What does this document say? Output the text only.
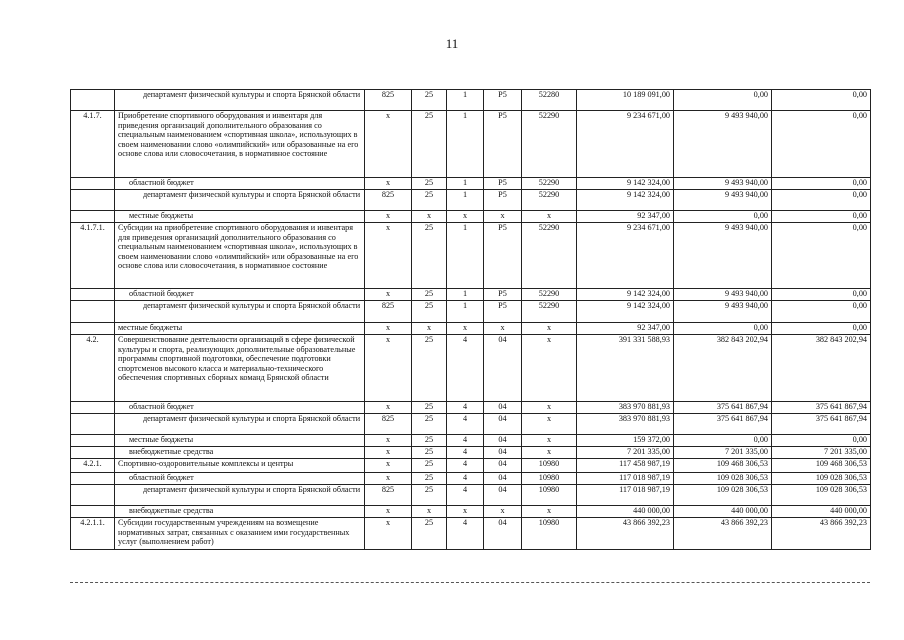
11
	департамент физической культуры и спорта Брянской области	825	25	1	P5	52280	10 189 091,00	0,00	0,00
4.1.7.	Приобретение спортивного оборудования и инвентаря для приведения организаций дополнительного образования со специальным наименованием «спортивная школа», использующих в своем наименовании слово «олимпийский» или образованные на его основе слова или словосочетания, в нормативное состояние	x	25	1	P5	52290	9 234 671,00	9 493 940,00	0,00
	областной бюджет	x	25	1	P5	52290	9 142 324,00	9 493 940,00	0,00
	департамент физической культуры и спорта Брянской области	825	25	1	P5	52290	9 142 324,00	9 493 940,00	0,00
	местные бюджеты	x	x	x	x	x	92 347,00	0,00	0,00
4.1.7.1.	Субсидии на приобретение спортивного оборудования и инвентаря для приведения организаций дополнительного образования со специальным наименованием «спортивная школа», использующих в своем наименовании слово «олимпийский» или образованные на его основе слова или словосочетания, в нормативное состояние	x	25	1	P5	52290	9 234 671,00	9 493 940,00	0,00
	областной бюджет	x	25	1	P5	52290	9 142 324,00	9 493 940,00	0,00
	департамент физической культуры и спорта Брянской области	825	25	1	P5	52290	9 142 324,00	9 493 940,00	0,00
	местные бюджеты	x	x	x	x	x	92 347,00	0,00	0,00
4.2.	Совершенствование деятельности организаций в сфере физической культуры и спорта, реализующих дополнительные образовательные программы спортивной подготовки, обеспечение подготовки спортсменов высокого класса и материально-технического обеспечения спортивных сборных команд Брянской области	x	25	4	04	x	391 331 588,93	382 843 202,94	382 843 202,94
	областной бюджет	x	25	4	04	x	383 970 881,93	375 641 867,94	375 641 867,94
	департамент физической культуры и спорта Брянской области	825	25	4	04	x	383 970 881,93	375 641 867,94	375 641 867,94
	местные бюджеты	x	25	4	04	x	159 372,00	0,00	0,00
	внебюджетные средства	x	25	4	04	x	7 201 335,00	7 201 335,00	7 201 335,00
4.2.1.	Спортивно-оздоровительные комплексы и центры	x	25	4	04	10980	117 458 987,19	109 468 306,53	109 468 306,53
	областной бюджет	x	25	4	04	10980	117 018 987,19	109 028 306,53	109 028 306,53
	департамент физической культуры и спорта Брянской области	825	25	4	04	10980	117 018 987,19	109 028 306,53	109 028 306,53
	внебюджетные средства	x	x	x	x	x	440 000,00	440 000,00	440 000,00
4.2.1.1.	Субсидии государственным учреждениям на возмещение нормативных затрат, связанных с оказанием ими государственных услуг (выполнением работ)	x	25	4	04	10980	43 866 392,23	43 866 392,23	43 866 392,23
